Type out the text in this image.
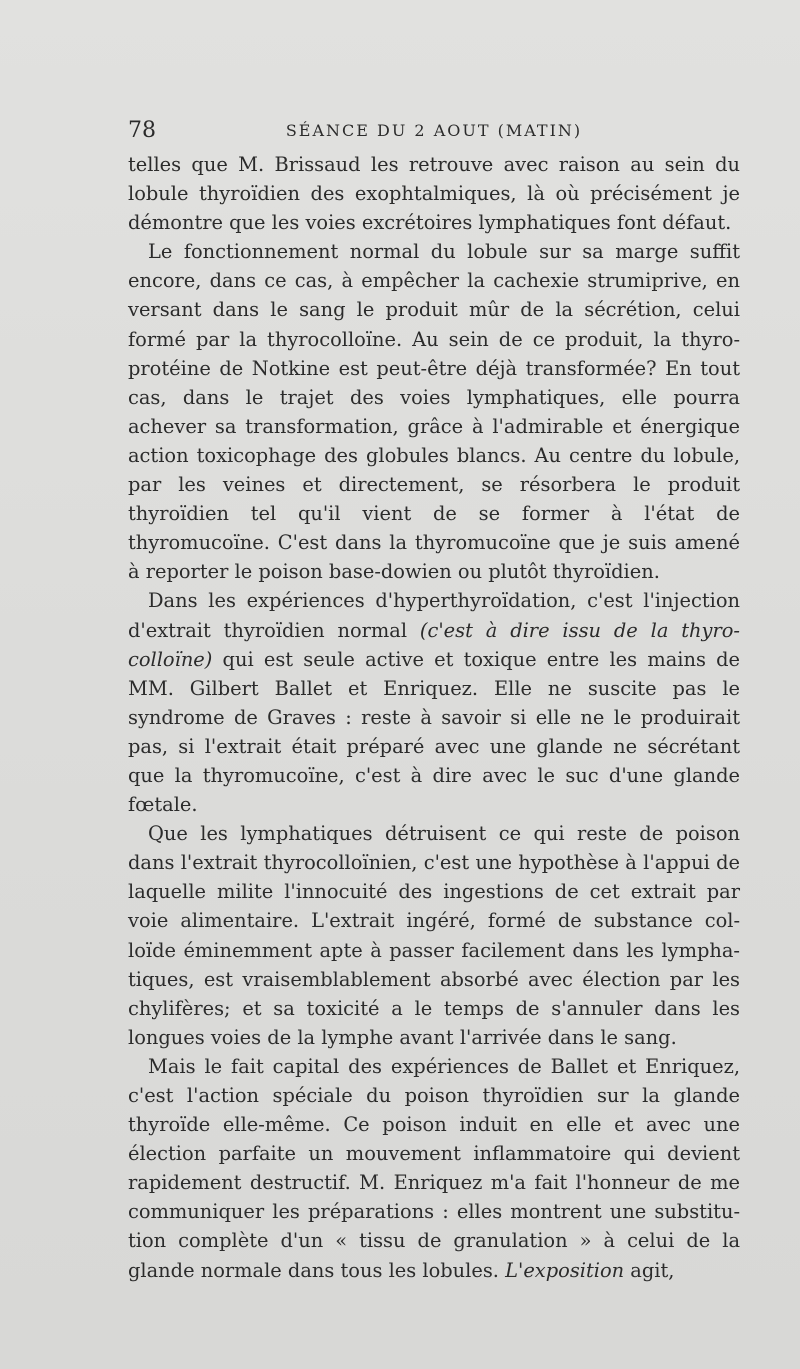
78	SÉANCE DU 2 AOUT (MATIN)

telles que M. Brissaud les retrouve avec raison au sein du lobule thyroïdien des exophtalmiques, là où précisément je démontre que les voies excrétoires lymphatiques font défaut.

Le fonctionnement normal du lobule sur sa marge suffit encore, dans ce cas, à empêcher la cachexie strumiprive, en versant dans le sang le produit mûr de la sécrétion, celui formé par la thyrocolloïne. Au sein de ce produit, la thyro-protéine de Notkine est peut-être déjà transformée? En tout cas, dans le trajet des voies lymphatiques, elle pourra achever sa transformation, grâce à l'admirable et énergique action toxicophage des globules blancs. Au centre du lobule, par les veines et directement, se résorbera le produit thyroïdien tel qu'il vient de se former à l'état de thyromucoïne. C'est dans la thyromucoïne que je suis amené à reporter le poison base-dowien ou plutôt thyroïdien.

Dans les expériences d'hyperthyroïdation, c'est l'injection d'extrait thyroïdien normal (c'est à dire issu de la thyro-colloïne) qui est seule active et toxique entre les mains de MM. Gilbert Ballet et Enriquez. Elle ne suscite pas le syndrome de Graves : reste à savoir si elle ne le produirait pas, si l'extrait était préparé avec une glande ne sécrétant que la thyromucoïne, c'est à dire avec le suc d'une glande fœtale.

Que les lymphatiques détruisent ce qui reste de poison dans l'extrait thyrocolloïnien, c'est une hypothèse à l'appui de laquelle milite l'innocuité des ingestions de cet extrait par voie alimentaire. L'extrait ingéré, formé de substance col-loïde éminemment apte à passer facilement dans les lympha-tiques, est vraisemblablement absorbé avec élection par les chylifères; et sa toxicité a le temps de s'annuler dans les longues voies de la lymphe avant l'arrivée dans le sang.

Mais le fait capital des expériences de Ballet et Enriquez, c'est l'action spéciale du poison thyroïdien sur la glande thyroïde elle-même. Ce poison induit en elle et avec une élection parfaite un mouvement inflammatoire qui devient rapidement destructif. M. Enriquez m'a fait l'honneur de me communiquer les préparations : elles montrent une substitu-tion complète d'un « tissu de granulation » à celui de la glande normale dans tous les lobules. L'exposition agit,
